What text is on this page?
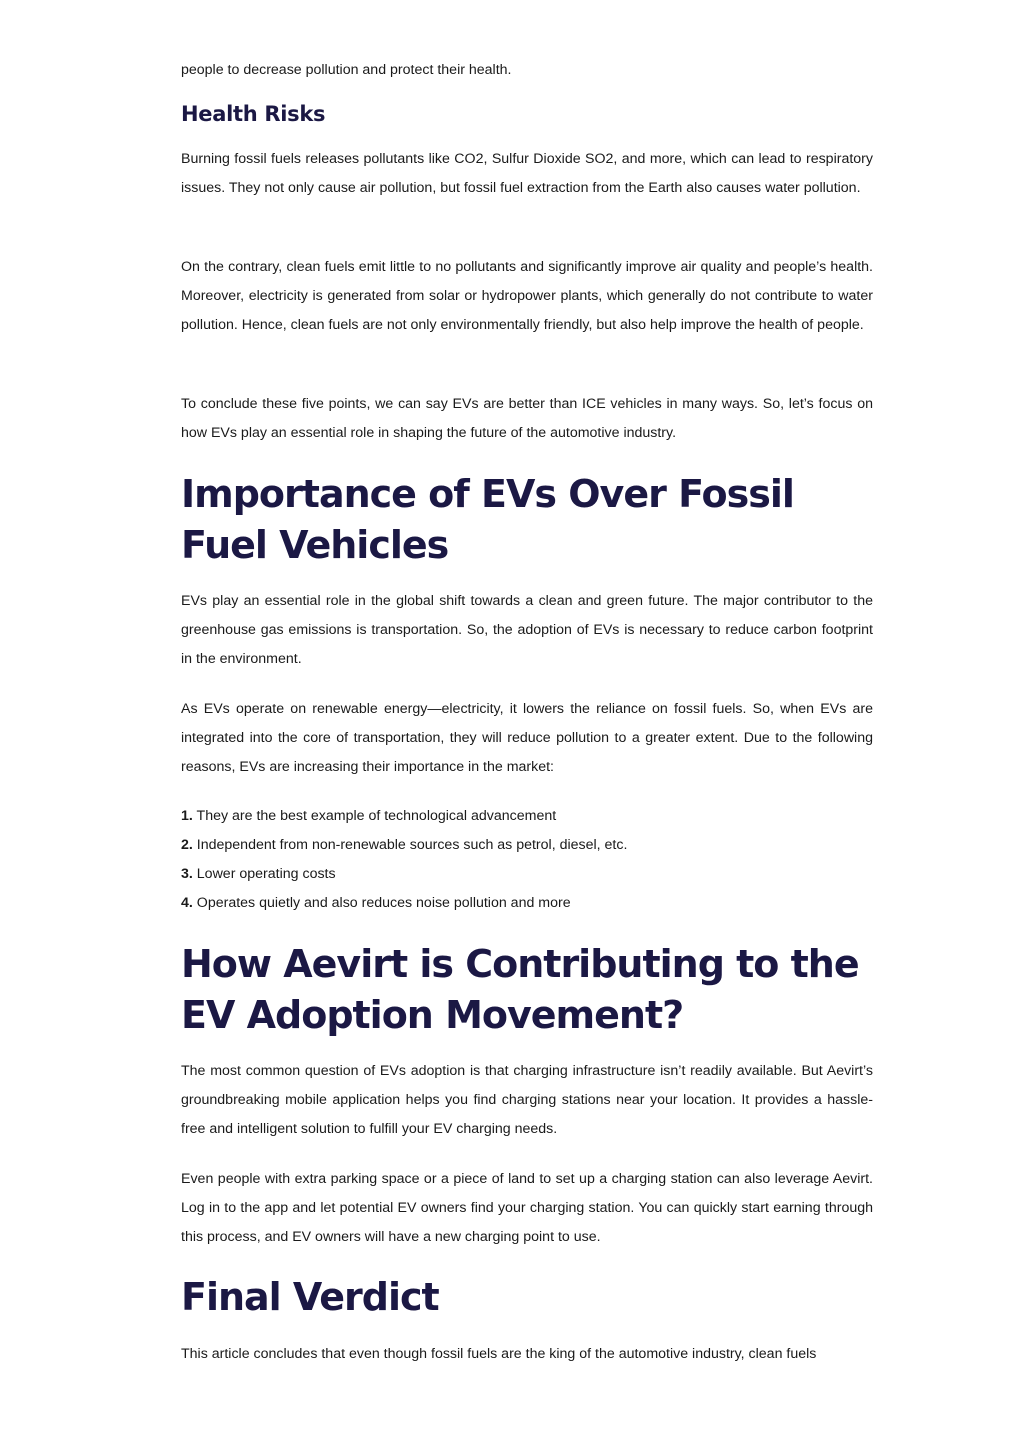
people to decrease pollution and protect their health.

Health Risks

Burning fossil fuels releases pollutants like CO2, Sulfur Dioxide SO2, and more, which can lead to respiratory issues. They not only cause air pollution, but fossil fuel extraction from the Earth also causes water pollution.

On the contrary, clean fuels emit little to no pollutants and significantly improve air quality and people’s health. Moreover, electricity is generated from solar or hydropower plants, which generally do not contribute to water pollution. Hence, clean fuels are not only environmentally friendly, but also help improve the health of people.

To conclude these five points, we can say EVs are better than ICE vehicles in many ways. So, let’s focus on how EVs play an essential role in shaping the future of the automotive industry.

Importance of EVs Over Fossil Fuel Vehicles

EVs play an essential role in the global shift towards a clean and green future. The major contributor to the greenhouse gas emissions is transportation. So, the adoption of EVs is necessary to reduce carbon footprint in the environment.

As EVs operate on renewable energy—electricity, it lowers the reliance on fossil fuels. So, when EVs are integrated into the core of transportation, they will reduce pollution to a greater extent. Due to the following reasons, EVs are increasing their importance in the market:

1. They are the best example of technological advancement
2. Independent from non-renewable sources such as petrol, diesel, etc.
3. Lower operating costs
4. Operates quietly and also reduces noise pollution and more
How Aevirt is Contributing to the EV Adoption Movement?

The most common question of EVs adoption is that charging infrastructure isn’t readily available. But Aevirt’s groundbreaking mobile application helps you find charging stations near your location. It provides a hassle-free and intelligent solution to fulfill your EV charging needs.

Even people with extra parking space or a piece of land to set up a charging station can also leverage Aevirt. Log in to the app and let potential EV owners find your charging station. You can quickly start earning through this process, and EV owners will have a new charging point to use.

Final Verdict

This article concludes that even though fossil fuels are the king of the automotive industry, clean fuels
